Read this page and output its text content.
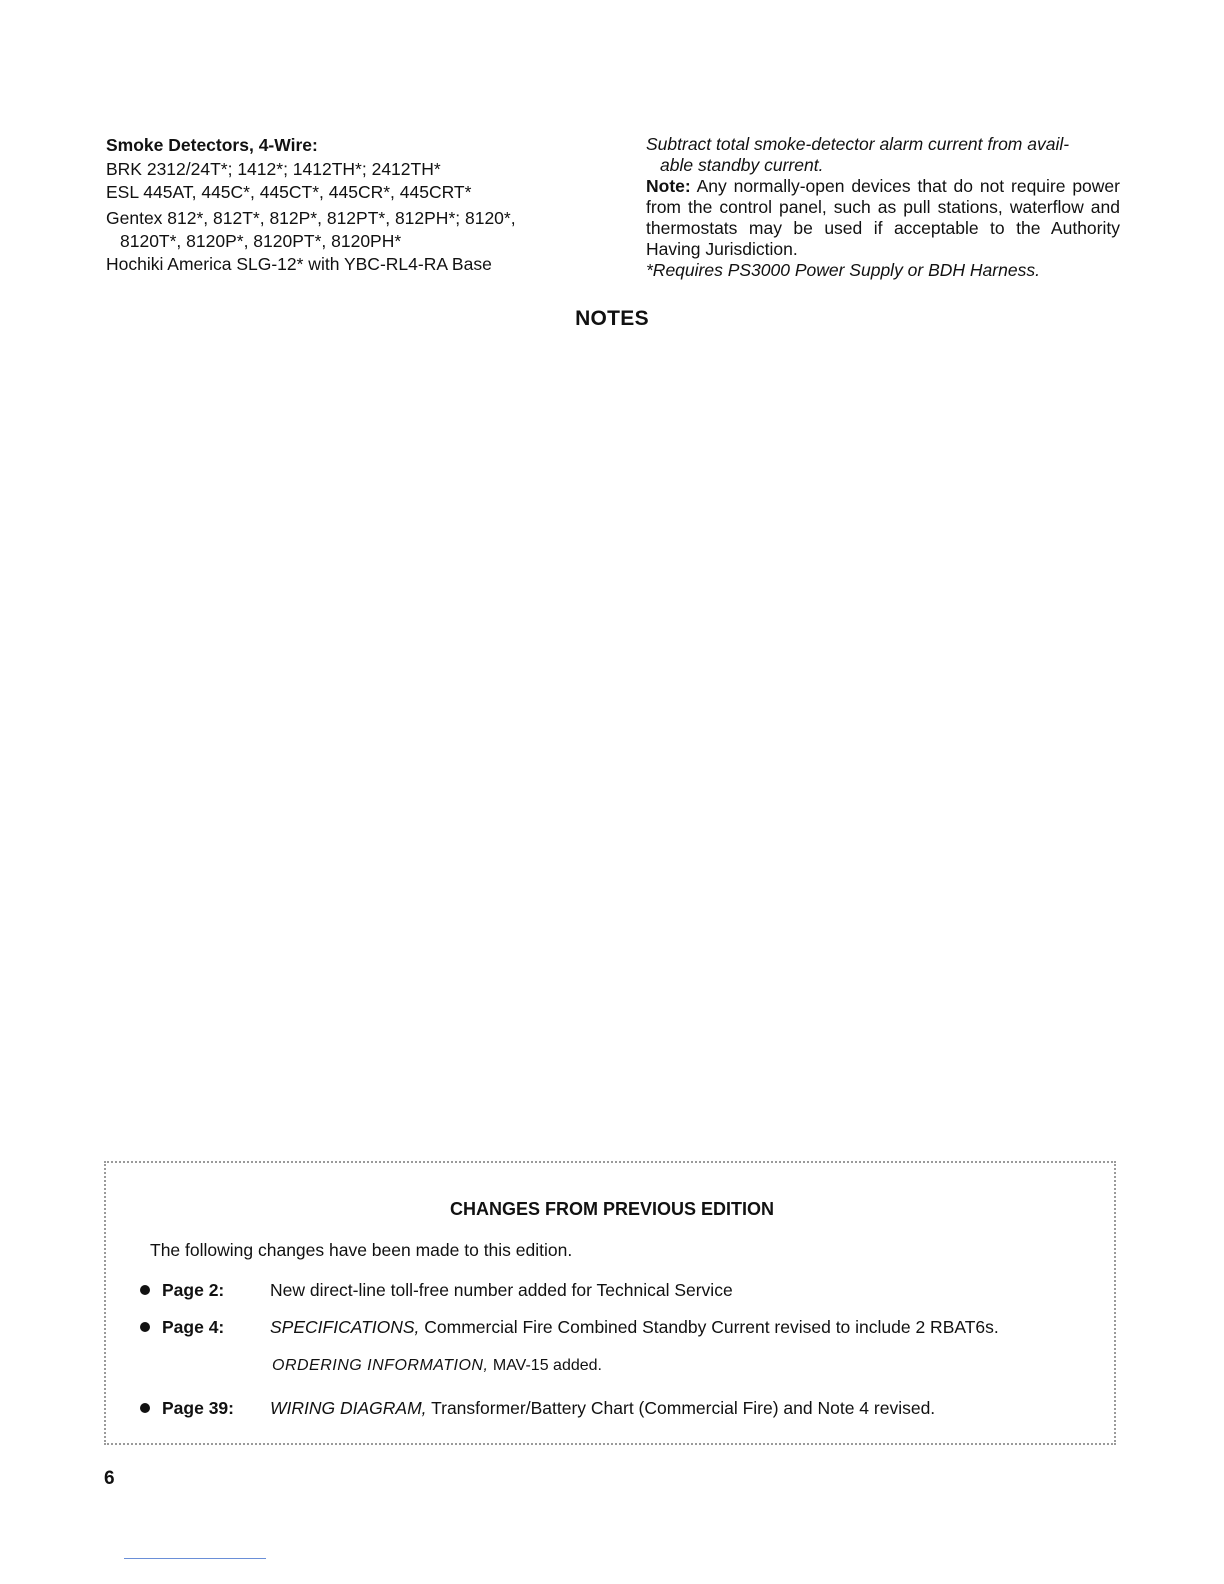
Smoke Detectors, 4-Wire:
BRK 2312/24T*; 1412*; 1412TH*; 2412TH*
ESL 445AT, 445C*, 445CT*, 445CR*, 445CRT*
Gentex 812*, 812T*, 812P*, 812PT*, 812PH*; 8120*,
8120T*, 8120P*, 8120PT*, 8120PH*
Hochiki America SLG-12* with YBC-RL4-RA Base
Subtract total smoke-detector alarm current from avail-
able standby current.
Note: Any normally-open devices that do not require power from the control panel, such as pull stations, waterflow and thermostats may be used if acceptable to the Authority Having Jurisdiction.
*Requires PS3000 Power Supply or BDH Harness.
NOTES
CHANGES FROM PREVIOUS EDITION
The following changes have been made to this edition.
Page 2:	New direct-line toll-free number added for Technical Service
Page 4:	SPECIFICATIONS, Commercial Fire Combined Standby Current revised to include 2 RBAT6s.
ORDERING INFORMATION, MAV-15 added.
Page 39: WIRING DIAGRAM, Transformer/Battery Chart (Commercial Fire) and Note 4 revised.
6
